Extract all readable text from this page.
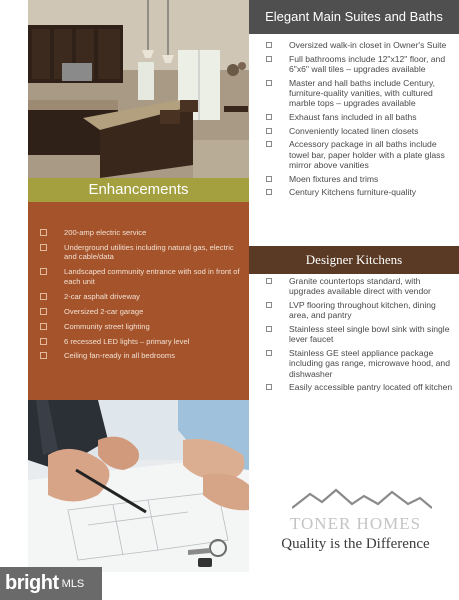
Enhancements
200-amp electric service
Underground utilities including natural gas, electric and cable/data
Landscaped community entrance with sod in front of each unit
2-car asphalt driveway
Oversized 2-car garage
Community street lighting
6 recessed LED lights – primary level
Ceiling fan-ready in all bedrooms
Elegant Main Suites and Baths
Oversized walk-in closet in Owner's Suite
Full bathrooms include 12"x12" floor, and 6"x6" wall tiles – upgrades available
Master and hall baths include Century, furniture-quality vanities, with cultured marble tops – upgrades available
Exhaust fans included in all baths
Conveniently located linen closets
Accessory package in all baths include towel bar, paper holder with a plate glass mirror above vanities
Moen fixtures and trims
Century Kitchens furniture-quality
Designer Kitchens
Granite countertops standard, with upgrades available direct with vendor
LVP flooring throughout kitchen, dining area, and pantry
Stainless steel single bowl sink with single lever faucet
Stainless GE steel appliance package including gas range, microwave hood, and dishwasher
Easily accessible pantry located off kitchen
TONER HOMES
Quality is the Difference
bright MLS
